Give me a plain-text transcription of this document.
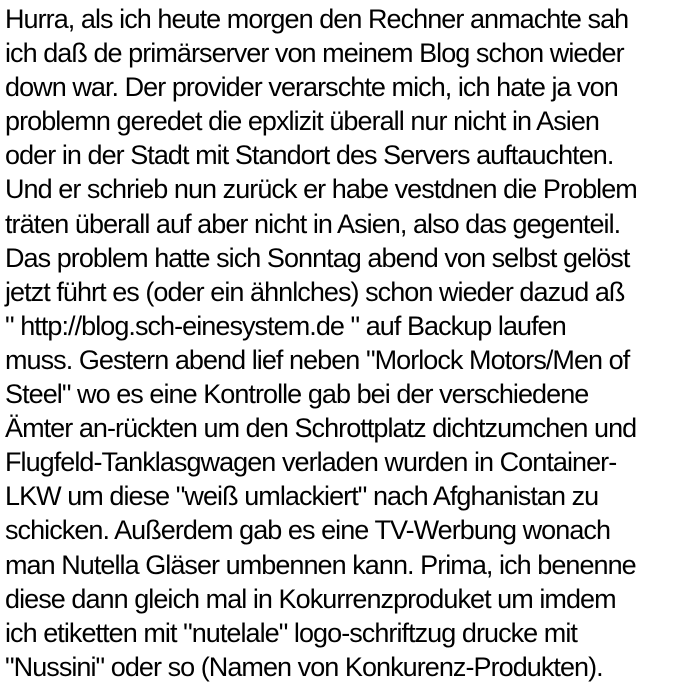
Hurra, als ich heute morgen den Rechner anmachte sah
ich daß de primärserver von meinem Blog schon wieder
down war. Der provider verarschte mich, ich hate ja von
problemn geredet die epxlizit überall nur nicht in Asien
oder in der Stadt mit Standort des Servers auftauchten.
Und er schrieb nun zurück er habe vestdnen die Problem
träten überall auf aber nicht in Asien, also das gegenteil.
Das problem hatte sich Sonntag abend von selbst gelöst
jetzt führt es (oder ein ähnlches) schon wieder dazud aß
" http://blog.sch-einesystem.de " auf Backup laufen
muss. Gestern abend lief neben "Morlock Motors/Men of
Steel" wo es eine Kontrolle gab bei der verschiedene
Ämter an-rückten um den Schrottplatz dichtzumchen und
Flugfeld-Tanklasgwagen verladen wurden in Container-
LKW um diese "weiß umlackiert" nach Afghanistan zu
schicken. Außerdem gab es eine TV-Werbung wonach
man Nutella Gläser umbennen kann. Prima, ich benenne
diese dann gleich mal in Kokurrenzproduket um imdem
ich etiketten mit "nutelale" logo-schriftzug drucke mit
"Nussini" oder so (Namen von Konkurenz-Produkten).
